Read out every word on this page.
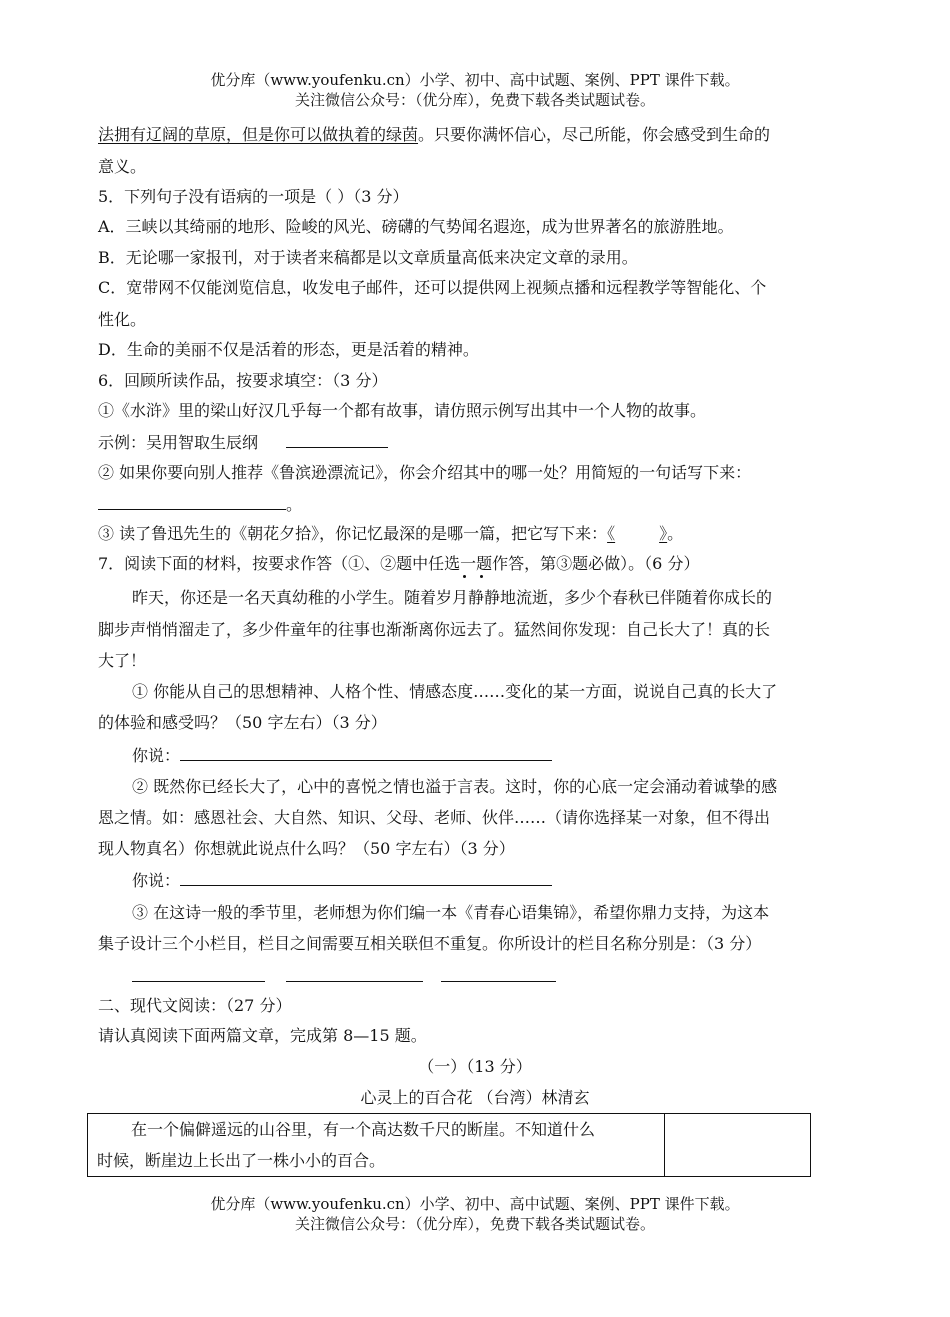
优分库（www.youfenku.cn）小学、初中、高中试题、案例、PPT 课件下载。
关注微信公众号：（优分库），免费下载各类试题试卷。
法拥有辽阔的草原，但是你可以做执着的绿茵。只要你满怀信心，尽己所能，你会感受到生命的
意义。
5．下列句子没有语病的一项是（ ）（3 分）
A．三峡以其绮丽的地形、险峻的风光、磅礴的气势闻名遐迩，成为世界著名的旅游胜地。
B．无论哪一家报刊，对于读者来稿都是以文章质量高低来决定文章的录用。
C．宽带网不仅能浏览信息，收发电子邮件，还可以提供网上视频点播和远程教学等智能化、个
性化。
D．生命的美丽不仅是活着的形态，更是活着的精神。
6．回顾所读作品，按要求填空：（3 分）
①《水浒》里的梁山好汉几乎每一个都有故事，请仿照示例写出其中一个人物的故事。
示例：吴用智取生辰纲
② 如果你要向别人推荐《鲁滨逊漂流记》，你会介绍其中的哪一处？用简短的一句话写下来：
。
③ 读了鲁迅先生的《朝花夕拾》，你记忆最深的是哪一篇，把它写下来：《	》。
7．阅读下面的材料，按要求作答（①、②题中任选一题作答，第③题必做）。（6 分）
昨天，你还是一名天真幼稚的小学生。随着岁月静静地流逝，多少个春秋已伴随着你成长的
脚步声悄悄溜走了，多少件童年的往事也渐渐离你远去了。猛然间你发现：自己长大了！真的长
大了！
① 你能从自己的思想精神、人格个性、情感态度……变化的某一方面，说说自己真的长大了
的体验和感受吗？（50 字左右）（3 分）
你说：
② 既然你已经长大了，心中的喜悦之情也溢于言表。这时，你的心底一定会涌动着诚挚的感
恩之情。如：感恩社会、大自然、知识、父母、老师、伙伴……（请你选择某一对象，但不得出
现人物真名）你想就此说点什么吗？（50 字左右）（3 分）
你说：
③ 在这诗一般的季节里，老师想为你们编一本《青春心语集锦》，希望你鼎力支持，为这本
集子设计三个小栏目，栏目之间需要互相关联但不重复。你所设计的栏目名称分别是：（3 分）
二、现代文阅读：（27 分）
请认真阅读下面两篇文章，完成第 8—15 题。
（一）（13 分）
心灵上的百合花 （台湾）林清玄
在一个偏僻遥远的山谷里，有一个高达数千尺的断崖。不知道什么
时候，断崖边上长出了一株小小的百合。
优分库（www.youfenku.cn）小学、初中、高中试题、案例、PPT 课件下载。
关注微信公众号：（优分库），免费下载各类试题试卷。
